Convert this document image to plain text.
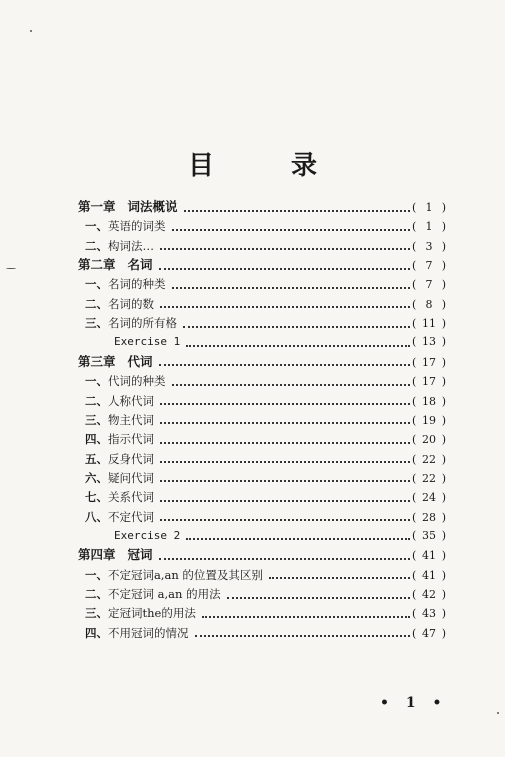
目 录
第一章 词法概说	( 1 )
一、英语的词类	( 1 )
二、构词法…	( 3 )
第二章 名词	( 7 )
一、名词的种类	( 7 )
二、名词的数	( 8 )
三、名词的所有格	( 11 )
Exercise 1	( 13 )
第三章 代词	( 17 )
一、代词的种类	( 17 )
二、人称代词	( 18 )
三、物主代词	( 19 )
四、指示代词	( 20 )
五、反身代词	( 22 )
六、疑问代词	( 22 )
七、关系代词	( 24 )
八、不定代词	( 28 )
Exercise 2	( 35 )
第四章 冠词	( 41 )
一、不定冠词a,an 的位置及其区别	( 41 )
二、不定冠词 a,an 的用法	( 42 )
三、定冠词the的用法	( 43 )
四、不用冠词的情况	( 47 )
• 1 •
